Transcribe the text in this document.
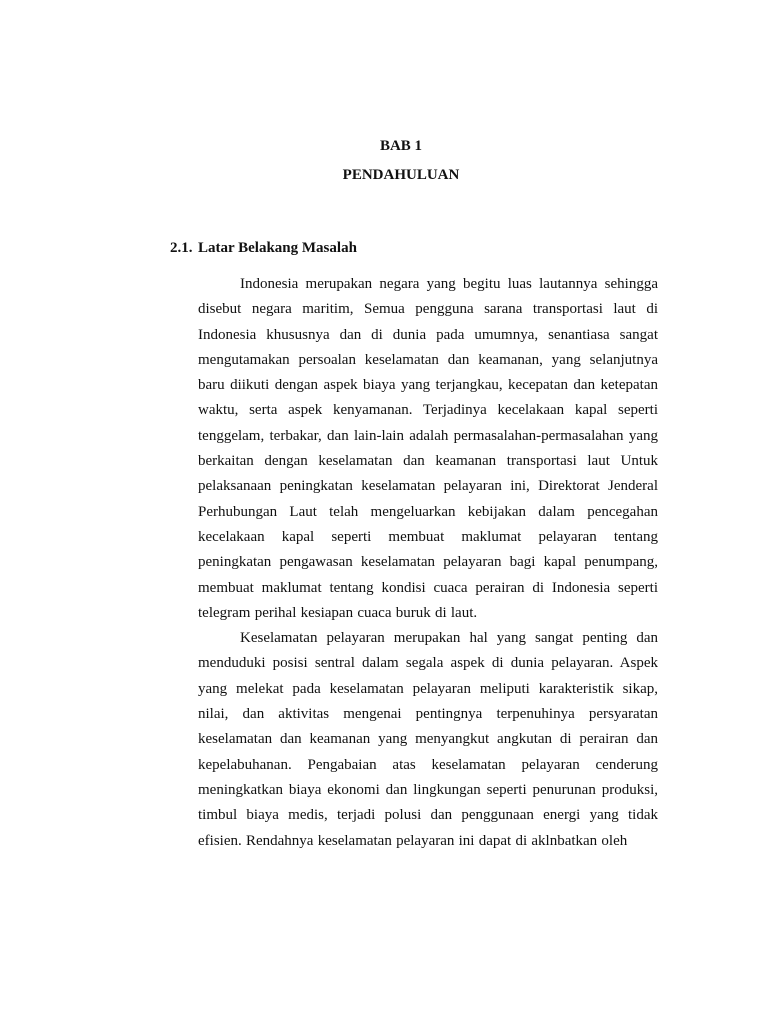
BAB 1
PENDAHULUAN
2.1. Latar Belakang Masalah

Indonesia merupakan negara yang begitu luas lautannya sehingga disebut negara maritim, Semua pengguna sarana transportasi laut di Indonesia khususnya dan di dunia pada umumnya, senantiasa sangat mengutamakan persoalan keselamatan dan keamanan, yang selanjutnya baru diikuti dengan aspek biaya yang terjangkau, kecepatan dan ketepatan waktu, serta aspek kenyamanan. Terjadinya kecelakaan kapal seperti tenggelam, terbakar, dan lain-lain adalah permasalahan-permasalahan yang berkaitan dengan keselamatan dan keamanan transportasi laut Untuk pelaksanaan peningkatan keselamatan pelayaran ini, Direktorat Jenderal Perhubungan Laut telah mengeluarkan kebijakan dalam pencegahan kecelakaan kapal seperti membuat maklumat pelayaran tentang peningkatan pengawasan keselamatan pelayaran bagi kapal penumpang, membuat maklumat tentang kondisi cuaca perairan di Indonesia seperti telegram perihal kesiapan cuaca buruk di laut.

Keselamatan pelayaran merupakan hal yang sangat penting dan menduduki posisi sentral dalam segala aspek di dunia pelayaran. Aspek yang melekat pada keselamatan pelayaran meliputi karakteristik sikap, nilai, dan aktivitas mengenai pentingnya terpenuhinya persyaratan keselamatan dan keamanan yang menyangkut angkutan di perairan dan kepelabuhanan. Pengabaian atas keselamatan pelayaran cenderung meningkatkan biaya ekonomi dan lingkungan seperti penurunan produksi, timbul biaya medis, terjadi polusi dan penggunaan energi yang tidak efisien. Rendahnya keselamatan pelayaran ini dapat di aklnbatkan oleh
